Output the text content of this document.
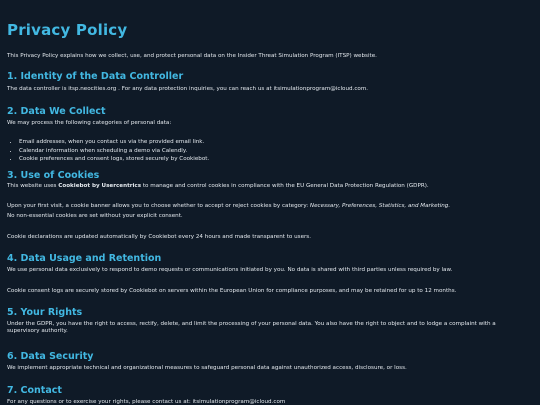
Privacy Policy

This Privacy Policy explains how we collect, use, and protect personal data on the Insider Threat Simulation Program (ITSP) website.

1. Identity of the Data Controller

The data controller is itsp.neocities.org . For any data protection inquiries, you can reach us at itsimulationprogram@icloud.com.

2. Data We Collect

We may process the following categories of personal data:

• Email addresses, when you contact us via the provided email link.
• Calendar information when scheduling a demo via Calendly.
• Cookie preferences and consent logs, stored securely by Cookiebot.
3. Use of Cookies

This website uses Cookiebot by Usercentrics to manage and control cookies in compliance with the EU General Data Protection Regulation (GDPR).

Upon your first visit, a cookie banner allows you to choose whether to accept or reject cookies by category: Necessary, Preferences, Statistics, and Marketing.

No non-essential cookies are set without your explicit consent.

Cookie declarations are updated automatically by Cookiebot every 24 hours and made transparent to users.

4. Data Usage and Retention

We use personal data exclusively to respond to demo requests or communications initiated by you. No data is shared with third parties unless required by law.

Cookie consent logs are securely stored by Cookiebot on servers within the European Union for compliance purposes, and may be retained for up to 12 months.

5. Your Rights

Under the GDPR, you have the right to access, rectify, delete, and limit the processing of your personal data. You also have the right to object and to lodge a complaint with a supervisory authority.

6. Data Security

We implement appropriate technical and organizational measures to safeguard personal data against unauthorized access, disclosure, or loss.

7. Contact

For any questions or to exercise your rights, please contact us at: itsimulationprogram@icloud.com
